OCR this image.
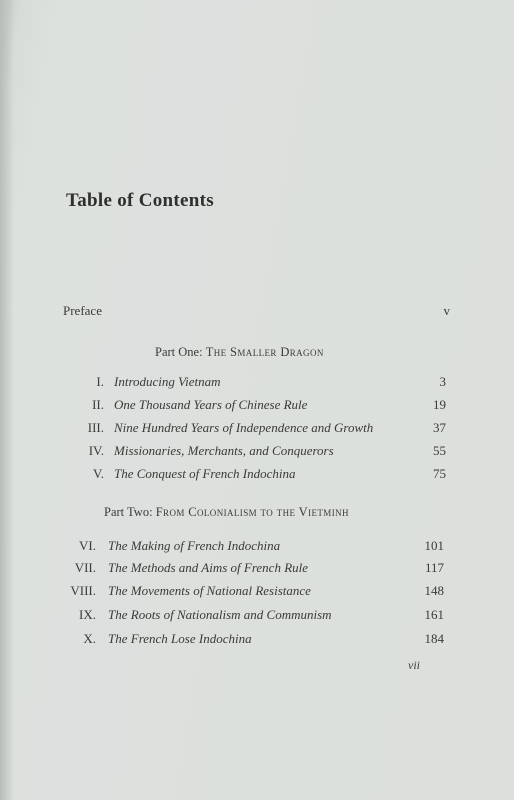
Table of Contents
Preface	v
Part One: The Smaller Dragon
I. Introducing Vietnam	3
II. One Thousand Years of Chinese Rule	19
III. Nine Hundred Years of Independence and Growth	37
IV. Missionaries, Merchants, and Conquerors	55
V. The Conquest of French Indochina	75
Part Two: From Colonialism to the Vietminh
VI. The Making of French Indochina	101
VII. The Methods and Aims of French Rule	117
VIII. The Movements of National Resistance	148
IX. The Roots of Nationalism and Communism	161
X. The French Lose Indochina	184
vii
